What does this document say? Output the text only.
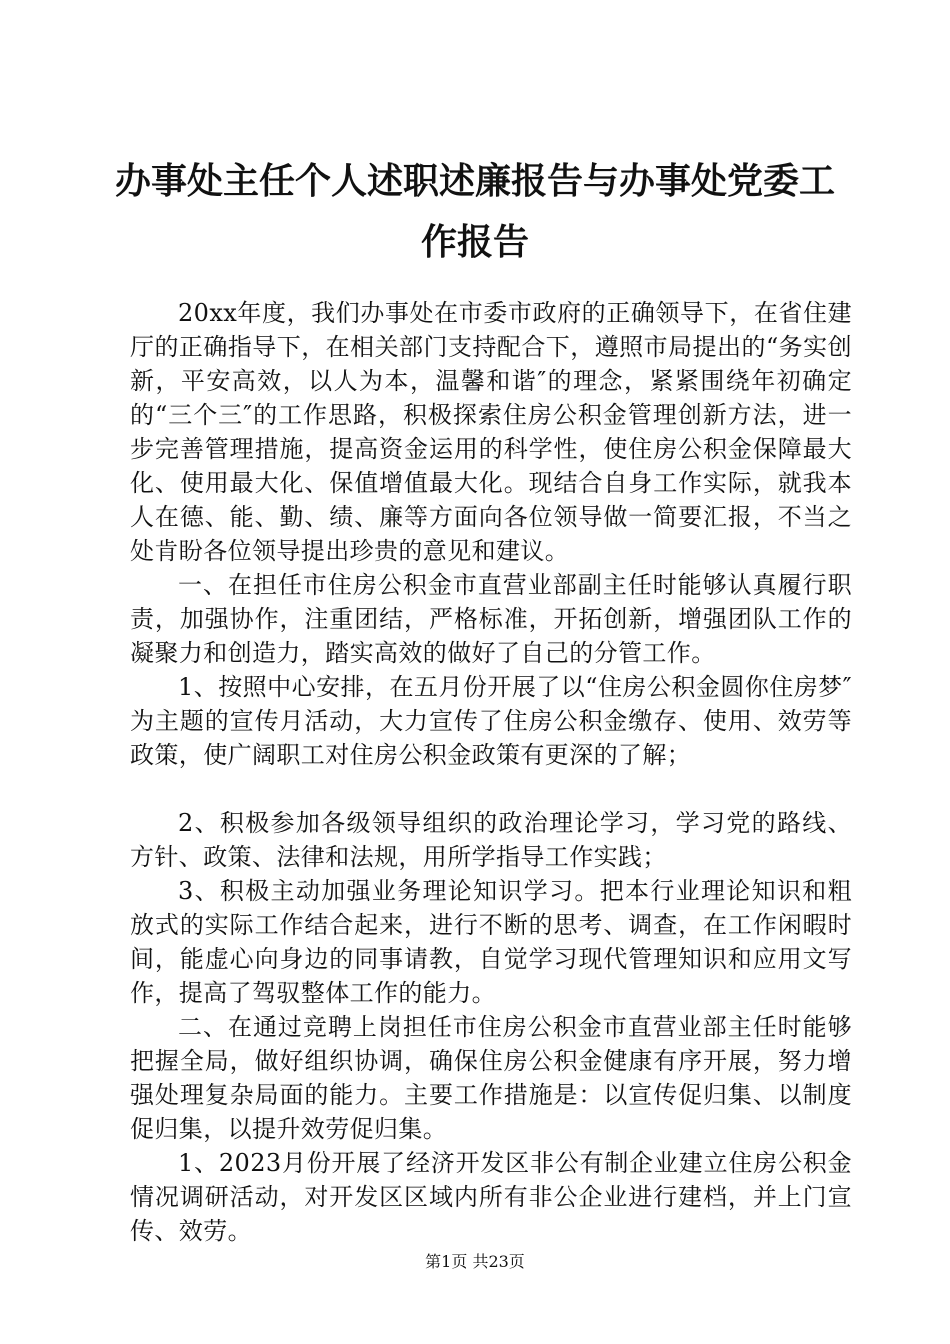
办事处主任个人述职述廉报告与办事处党委工
作报告

20xx年度，我们办事处在市委市政府的正确领导下，在省住建厅的正确指导下，在相关部门支持配合下，遵照市局提出的“务实创新，平安高效，以人为本，温馨和谐″的理念，紧紧围绕年初确定的“三个三″的工作思路，积极探索住房公积金管理创新方法，进一步完善管理措施，提高资金运用的科学性，使住房公积金保障最大化、使用最大化、保值增值最大化。现结合自身工作实际，就我本人在德、能、勤、绩、廉等方面向各位领导做一简要汇报，不当之处肯盼各位领导提出珍贵的意见和建议。

一、在担任市住房公积金市直营业部副主任时能够认真履行职责，加强协作，注重团结，严格标准，开拓创新，增强团队工作的凝聚力和创造力，踏实高效的做好了自己的分管工作。

1、按照中心安排，在五月份开展了以“住房公积金圆你住房梦″为主题的宣传月活动，大力宣传了住房公积金缴存、使用、效劳等政策，使广阔职工对住房公积金政策有更深的了解；

2、积极参加各级领导组织的政治理论学习，学习党的路线、方针、政策、法律和法规，用所学指导工作实践；

3、积极主动加强业务理论知识学习。把本行业理论知识和粗放式的实际工作结合起来，进行不断的思考、调查，在工作闲暇时间，能虚心向身边的同事请教，自觉学习现代管理知识和应用文写作，提高了驾驭整体工作的能力。

二、在通过竞聘上岗担任市住房公积金市直营业部主任时能够把握全局，做好组织协调，确保住房公积金健康有序开展，努力增强处理复杂局面的能力。主要工作措施是：以宣传促归集、以制度促归集，以提升效劳促归集。

1、2023月份开展了经济开发区非公有制企业建立住房公积金情况调研活动，对开发区区域内所有非公企业进行建档，并上门宣传、效劳。

第1页 共23页
